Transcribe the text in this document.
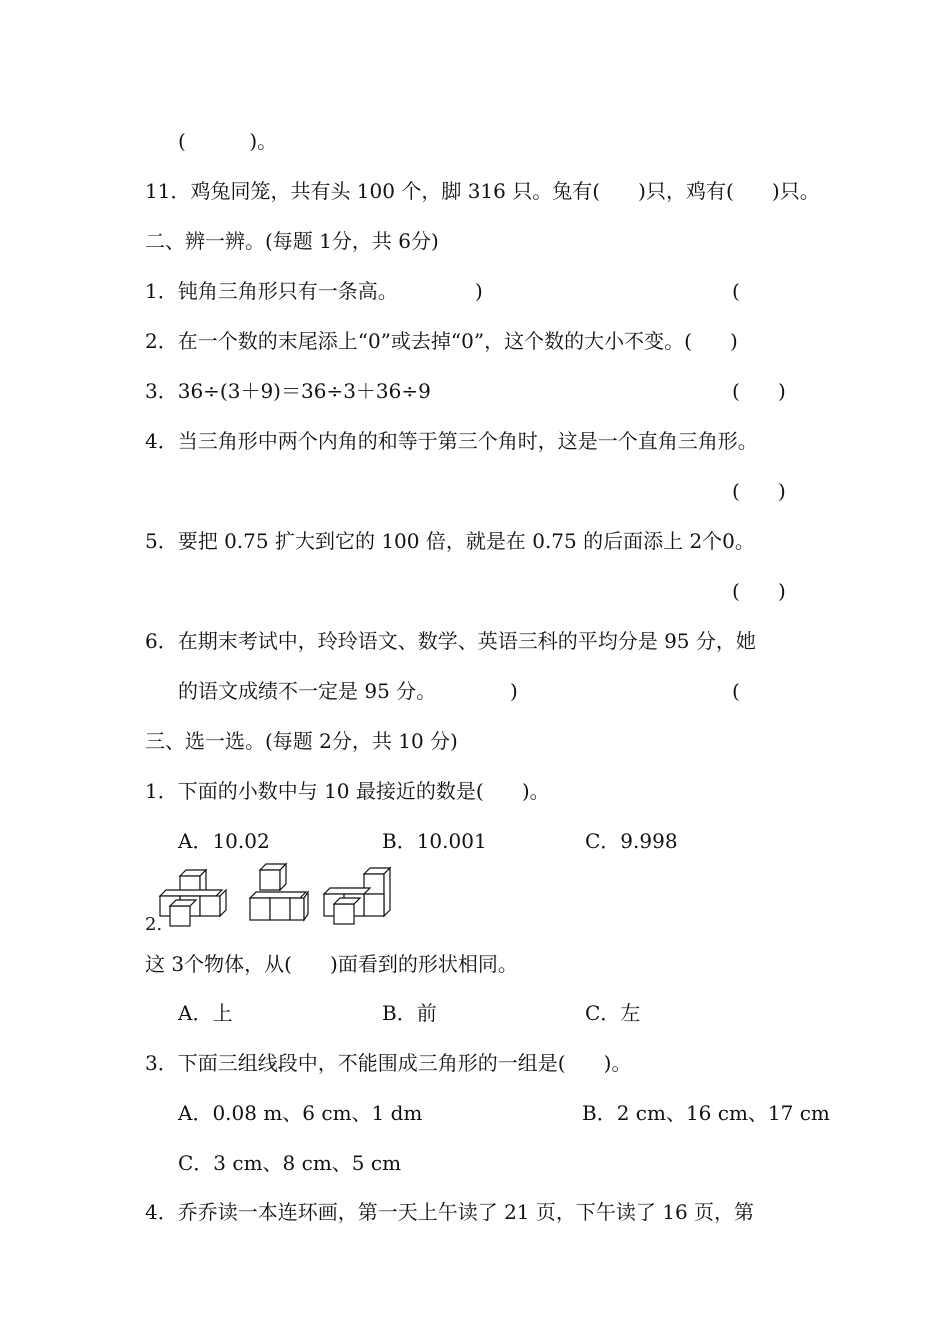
(          )。
11．鸡兔同笼，共有头 100 个，脚 316 只。兔有(      )只，鸡有(      )只。
二、辨一辨。(每题 1分，共 6分)
1．钝角三角形只有一条高。	)	(
2．在一个数的末尾添上“0”或去掉“0”，这个数的大小不变。(      )
3．36÷(3＋9)＝36÷3＋36÷9	(      )
4．当三角形中两个内角的和等于第三个角时，这是一个直角三角形。
(      )
5．要把 0.75 扩大到它的 100 倍，就是在 0.75 的后面添上 2个0。
(      )
6．在期末考试中，玲玲语文、数学、英语三科的平均分是 95 分，她
的语文成绩不一定是 95 分。	)	(
三、选一选。(每题 2分，共 10 分)
1．下面的小数中与 10 最接近的数是(      )。
A．10.02	B．10.001	C．9.998
2.
这 3个物体，从(      )面看到的形状相同。
A．上	B．前	C．左
3．下面三组线段中，不能围成三角形的一组是(      )。
A．0.08 m、6 cm、1 dm	B．2 cm、16 cm、17 cm
C．3 cm、8 cm、5 cm
4．乔乔读一本连环画，第一天上午读了 21 页，下午读了 16 页，第
